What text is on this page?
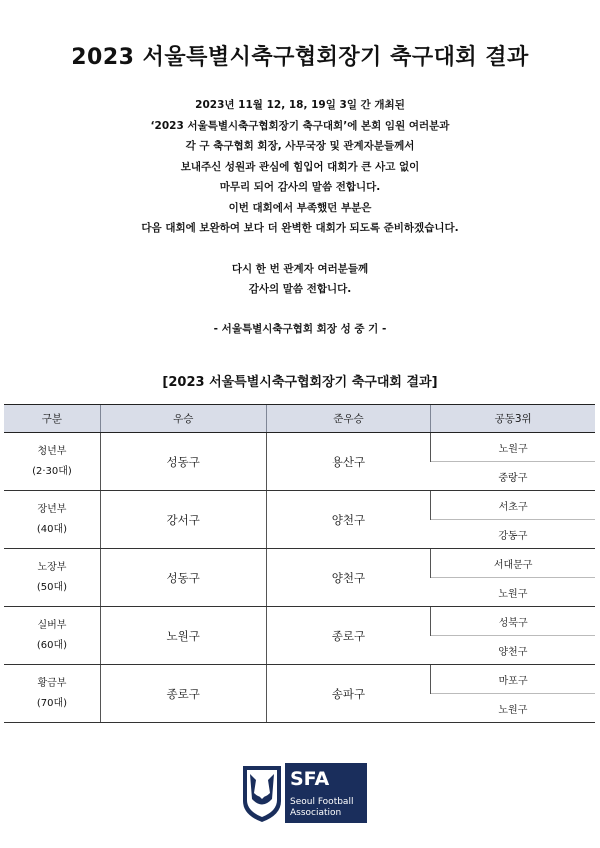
2023 서울특별시축구협회장기 축구대회 결과
2023년 11월 12, 18, 19일 3일 간 개최된
‘2023 서울특별시축구협회장기 축구대회’에 본회 임원 여러분과
각 구 축구협회 회장, 사무국장 및 관계자분들께서
보내주신 성원과 관심에 힘입어 대회가 큰 사고 없이
마무리 되어 감사의 말씀 전합니다.
이번 대회에서 부족했던 부분은
다음 대회에 보완하여 보다 더 완벽한 대회가 되도록 준비하겠습니다.
다시 한 번 관계자 여러분들께
감사의 말씀 전합니다.
- 서울특별시축구협회 회장 성 중 기 -
[2023 서울특별시축구협회장기 축구대회 결과]
구분	우승	준우승	공동3위
청년부
(2·30대)	성동구	용산구	노원구
			중랑구
장년부
(40대)	강서구	양천구	서초구
			강동구
노장부
(50대)	성동구	양천구	서대문구
			노원구
실버부
(60대)	노원구	종로구	성북구
			양천구
황금부
(70대)	종로구	송파구	마포구
			노원구
SFA
Seoul Football
Association
